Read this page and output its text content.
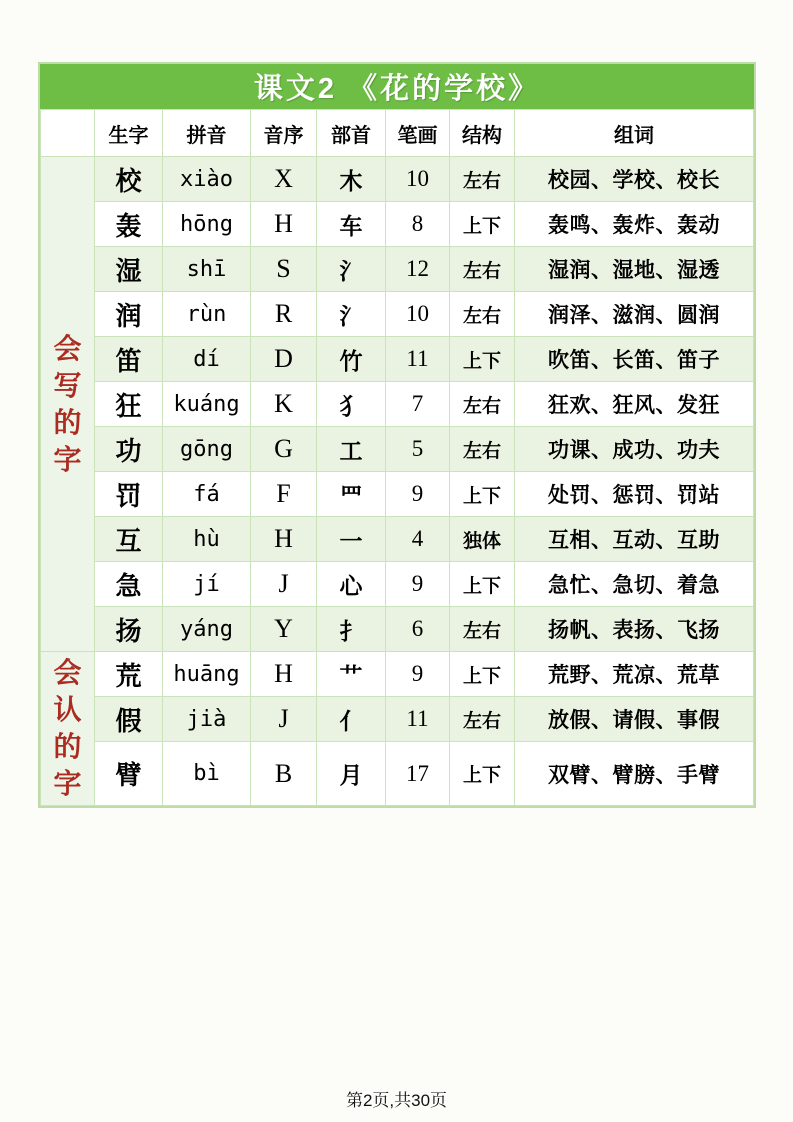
课文2 《花的学校》
	生字	拼音	音序	部首	笔画	结构	组词

会
写
的
字	校	xiào	X	木	10	左右	校园、学校、校长
	轰	hōng	H	车	8	上下	轰鸣、轰炸、轰动
	湿	shī	S	氵	12	左右	湿润、湿地、湿透
	润	rùn	R	氵	10	左右	润泽、滋润、圆润
	笛	dí	D	竹	11	上下	吹笛、长笛、笛子
	狂	kuáng	K	犭	7	左右	狂欢、狂风、发狂
	功	gōng	G	工	5	左右	功课、成功、功夫
	罚	fá	F	罒	9	上下	处罚、惩罚、罚站
	互	hù	H	一	4	独体	互相、互动、互助
	急	jí	J	心	9	上下	急忙、急切、着急
	扬	yáng	Y	扌	6	左右	扬帆、表扬、飞扬

会
认
的
字	荒	huāng	H	艹	9	上下	荒野、荒凉、荒草
	假	jià	J	亻	11	左右	放假、请假、事假
	臂	bì	B	月	17	上下	双臂、臂膀、手臂
第2页,共30页
